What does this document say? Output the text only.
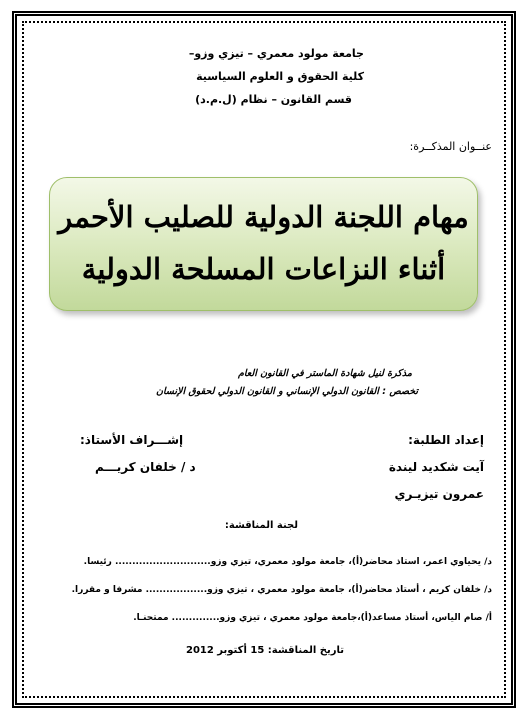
جامعة مولود معمري – تيزي وزو–
كلية الحقوق و العلوم السياسية
قسم القانون – نظام (ل.م.د)
عنــوان المذكــرة:
مهام اللجنة الدولية للصليب الأحمر
أثناء النزاعات المسلحة الدولية
مذكرة لنيل شهادة الماستر في القانون العام
تخصص : القانون الدولي الإنساني و القانون الدولي لحقوق الإنسان
إعداد الطلبة:
آيت شكديد ليندة
عمرون تيزيـري
إشـــراف الأستاذ:
د / خلفان كريـــم
لجنة المناقشة:
د/ يحياوي اعمر، استاذ محاضر(أ)، جامعة مولود معمري، تيزي وزو............................ رئيسا.
د/ خلفان كريم ، أستاذ محاضر(أ)، جامعة مولود معمري ، تيزي وزو.................. مشرفا و مقررا.
أ/ صام الياس، أستاذ مساعد(أ)،جامعة مولود معمري ، تيزي وزو.............. ممتحنـا.
تاريخ المناقشة: 15 أكتوبر 2012
